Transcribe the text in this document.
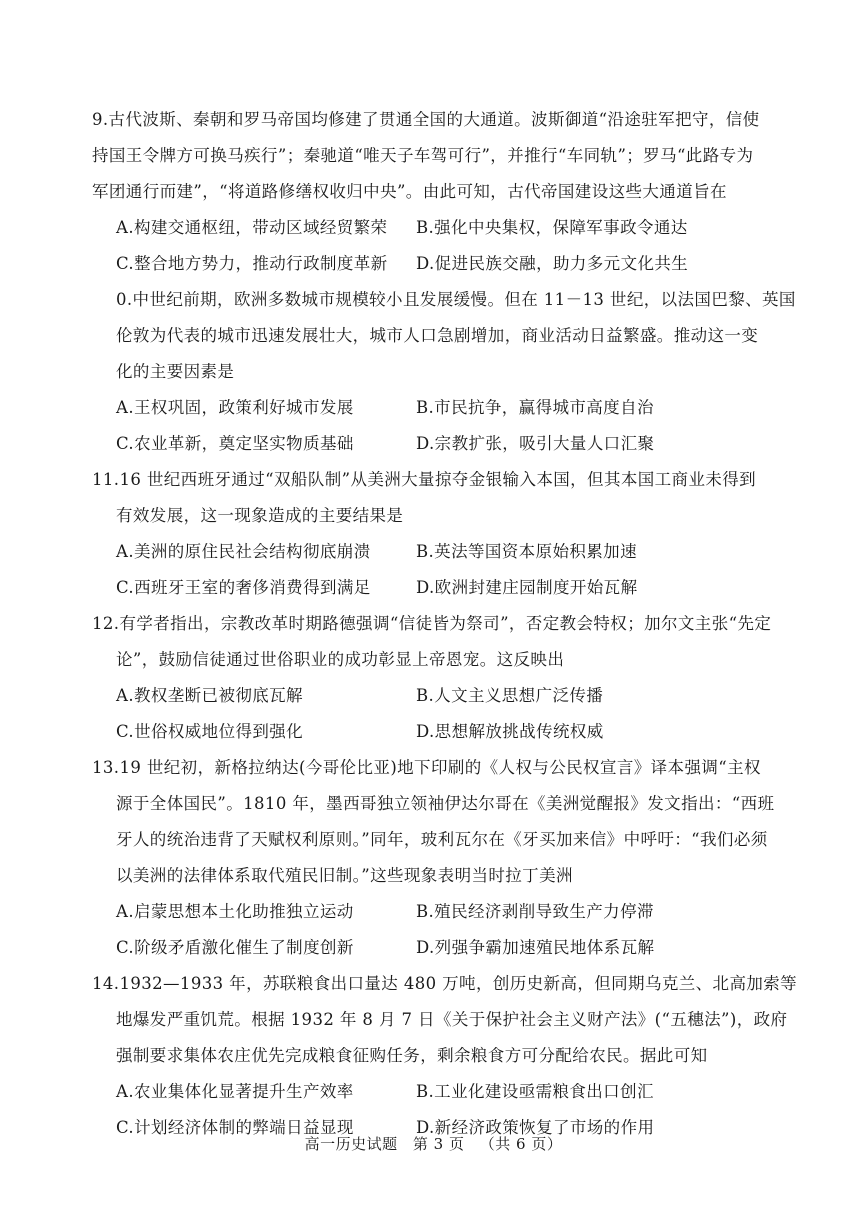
9.古代波斯、秦朝和罗马帝国均修建了贯通全国的大通道。波斯御道“沿途驻军把守，信使
持国王令牌方可换马疾行”；秦驰道“唯天子车驾可行”，并推行“车同轨”；罗马“此路专为
军团通行而建”，“将道路修缮权收归中央”。由此可知，古代帝国建设这些大通道旨在

A.构建交通枢纽，带动区域经贸繁荣 B.强化中央集权，保障军事政令通达
C.整合地方势力，推动行政制度革新 D.促进民族交融，助力多元文化共生

0.中世纪前期，欧洲多数城市规模较小且发展缓慢。但在 11－13 世纪，以法国巴黎、英国
伦敦为代表的城市迅速发展壮大，城市人口急剧增加，商业活动日益繁盛。推动这一变
化的主要因素是

A.王权巩固，政策利好城市发展	B.市民抗争，赢得城市高度自治
C.农业革新，奠定坚实物质基础	D.宗教扩张，吸引大量人口汇聚

11.16 世纪西班牙通过“双船队制”从美洲大量掠夺金银输入本国，但其本国工商业未得到
有效发展，这一现象造成的主要结果是

A.美洲的原住民社会结构彻底崩溃	B.英法等国资本原始积累加速
C.西班牙王室的奢侈消费得到满足	D.欧洲封建庄园制度开始瓦解

12.有学者指出，宗教改革时期路德强调“信徒皆为祭司”，否定教会特权；加尔文主张“先定
论”，鼓励信徒通过世俗职业的成功彰显上帝恩宠。这反映出

A.教权垄断已被彻底瓦解	B.人文主义思想广泛传播
C.世俗权威地位得到强化	D.思想解放挑战传统权威

13.19 世纪初，新格拉纳达(今哥伦比亚)地下印刷的《人权与公民权宣言》译本强调“主权
源于全体国民”。1810 年，墨西哥独立领袖伊达尔哥在《美洲觉醒报》发文指出：“西班
牙人的统治违背了天赋权利原则。”同年，玻利瓦尔在《牙买加来信》中呼吁：“我们必须
以美洲的法律体系取代殖民旧制。”这些现象表明当时拉丁美洲

A.启蒙思想本土化助推独立运动	B.殖民经济剥削导致生产力停滞
C.阶级矛盾激化催生了制度创新	D.列强争霸加速殖民地体系瓦解

14.1932—1933 年，苏联粮食出口量达 480 万吨，创历史新高，但同期乌克兰、北高加索等
地爆发严重饥荒。根据 1932 年 8 月 7 日《关于保护社会主义财产法》(“五穗法”)，政府
强制要求集体农庄优先完成粮食征购任务，剩余粮食方可分配给农民。据此可知

A.农业集体化显著提升生产效率	B.工业化建设亟需粮食出口创汇
C.计划经济体制的弊端日益显现	D.新经济政策恢复了市场的作用
高一历史试题 第 3 页 （共 6 页）
